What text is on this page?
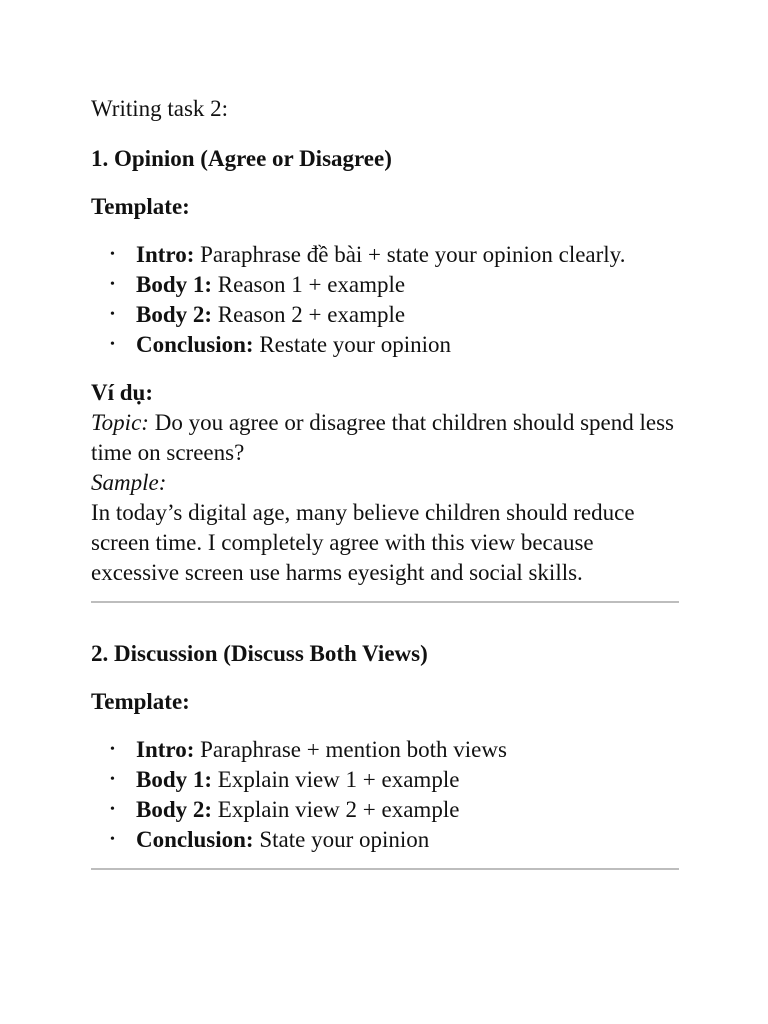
Writing task 2:

1. Opinion (Agree or Disagree)

Template:

• Intro: Paraphrase đề bài + state your opinion clearly.
• Body 1: Reason 1 + example
• Body 2: Reason 2 + example
• Conclusion: Restate your opinion

Ví dụ:

Topic: Do you agree or disagree that children should spend less time on screens?

Sample:

In today’s digital age, many believe children should reduce screen time. I completely agree with this view because excessive screen use harms eyesight and social skills.

2. Discussion (Discuss Both Views)

Template:

• Intro: Paraphrase + mention both views
• Body 1: Explain view 1 + example
• Body 2: Explain view 2 + example
• Conclusion: State your opinion
